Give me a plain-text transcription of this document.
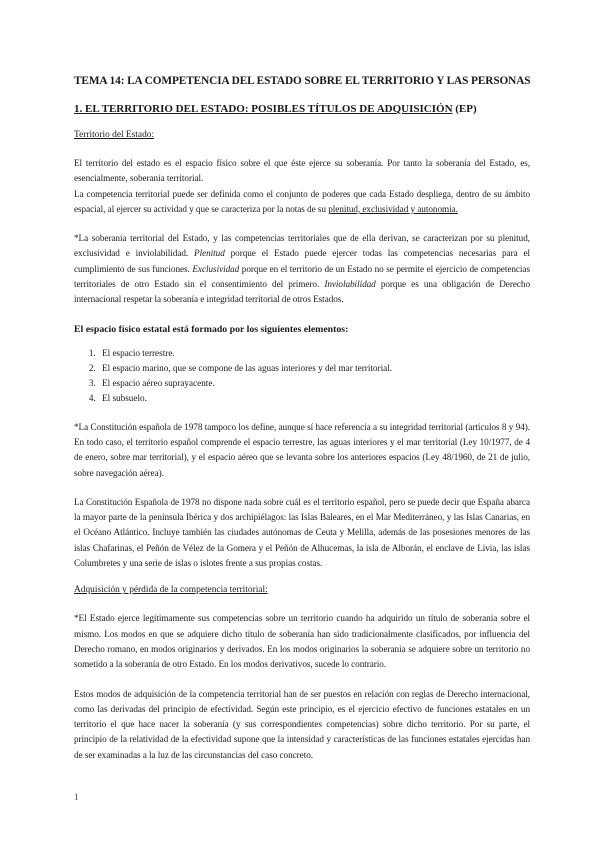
TEMA 14: LA COMPETENCIA DEL ESTADO SOBRE EL TERRITORIO Y LAS PERSONAS
1. EL TERRITORIO DEL ESTADO: POSIBLES TÍTULOS DE ADQUISICIÓN (EP)
Territorio del Estado:

El territorio del estado es el espacio físico sobre el que éste ejerce su soberanía. Por tanto la soberanía del Estado, es, esencialmente, soberanía territorial.

La competencia territorial puede ser definida como el conjunto de poderes que cada Estado despliega, dentro de su ámbito espacial, al ejercer su actividad y que se caracteriza por la notas de su plenitud, exclusividad y autonomía.

*La soberanía territorial del Estado, y las competencias territoriales que de ella derivan, se caracterizan por su plenitud, exclusividad e inviolabilidad. Plenitud porque el Estado puede ejercer todas las competencias necesarias para el cumplimiento de sus funciones. Exclusividad porque en el territorio de un Estado no se permite el ejercicio de competencias territoriales de otro Estado sin el consentimiento del primero. Inviolabilidad porque es una obligación de Derecho internacional respetar la soberanía e integridad territorial de otros Estados.

El espacio físico estatal está formado por los siguientes elementos:
1. El espacio terrestre.
2. El espacio marino, que se compone de las aguas interiores y del mar territorial.
3. El espacio aéreo suprayacente.
4. El subsuelo.

*La Constitución española de 1978 tampoco los define, aunque sí hace referencia a su integridad territorial (artículos 8 y 94). En todo caso, el territorio español comprende el espacio terrestre, las aguas interiores y el mar territorial (Ley 10/1977, de 4 de enero, sobre mar territorial), y el espacio aéreo que se levanta sobre los anteriores espacios (Ley 48/1960, de 21 de julio, sobre navegación aérea).

La Constitución Española de 1978 no dispone nada sobre cuál es el territorio español, pero se puede decir que España abarca la mayor parte de la península Ibérica y dos archipiélagos: las Islas Baleares, en el Mar Mediterráneo, y las Islas Canarias, en el Océano Atlántico. Incluye también las ciudades autónomas de Ceuta y Melilla, además de las posesiones menores de las islas Chafarinas, el Peñón de Vélez de la Gomera y el Peñón de Alhucemas, la isla de Alborán, el enclave de Livia, las islas Columbretes y una serie de islas o islotes frente a sus propias costas.

Adquisición y pérdida de la competencia territorial:

*El Estado ejerce legítimamente sus competencias sobre un territorio cuando ha adquirido un título de soberanía sobre el mismo. Los modos en que se adquiere dicho título de soberanía han sido tradicionalmente clasificados, por influencia del Derecho romano, en modos originarios y derivados. En los modos originarios la soberanía se adquiere sobre un territorio no sometido a la soberanía de otro Estado. En los modos derivativos, sucede lo contrario.

Estos modos de adquisición de la competencia territorial han de ser puestos en relación con reglas de Derecho internacional, como las derivadas del principio de efectividad. Según este principio, es el ejercicio efectivo de funciones estatales en un territorio el que hace nacer la soberanía (y sus correspondientes competencias) sobre dicho territorio. Por su parte, el principio de la relatividad de la efectividad supone que la intensidad y características de las funciones estatales ejercidas han de ser examinadas a la luz de las circunstancias del caso concreto.

1
